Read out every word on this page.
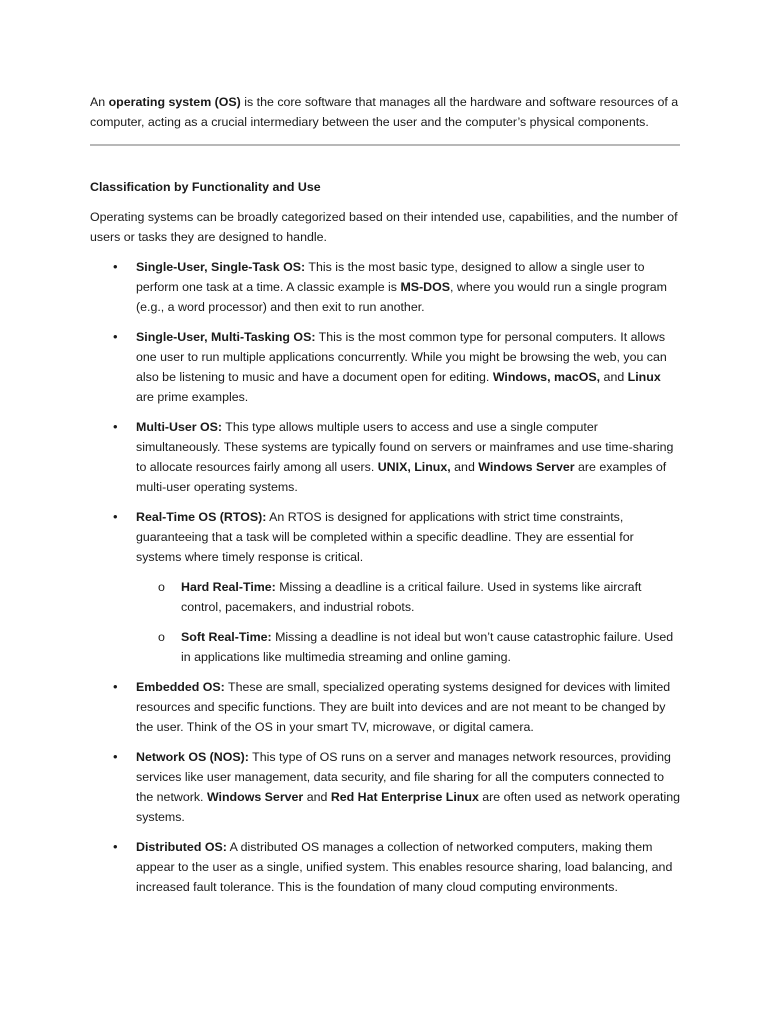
An operating system (OS) is the core software that manages all the hardware and software resources of a computer, acting as a crucial intermediary between the user and the computer’s physical components.

Classification by Functionality and Use

Operating systems can be broadly categorized based on their intended use, capabilities, and the number of users or tasks they are designed to handle.

• Single-User, Single-Task OS: This is the most basic type, designed to allow a single user to perform one task at a time. A classic example is MS-DOS, where you would run a single program (e.g., a word processor) and then exit to run another.

• Single-User, Multi-Tasking OS: This is the most common type for personal computers. It allows one user to run multiple applications concurrently. While you might be browsing the web, you can also be listening to music and have a document open for editing. Windows, macOS, and Linux are prime examples.

• Multi-User OS: This type allows multiple users to access and use a single computer simultaneously. These systems are typically found on servers or mainframes and use time-sharing to allocate resources fairly among all users. UNIX, Linux, and Windows Server are examples of multi-user operating systems.

• Real-Time OS (RTOS): An RTOS is designed for applications with strict time constraints, guaranteeing that a task will be completed within a specific deadline. They are essential for systems where timely response is critical.

o Hard Real-Time: Missing a deadline is a critical failure. Used in systems like aircraft control, pacemakers, and industrial robots.

o Soft Real-Time: Missing a deadline is not ideal but won’t cause catastrophic failure. Used in applications like multimedia streaming and online gaming.

• Embedded OS: These are small, specialized operating systems designed for devices with limited resources and specific functions. They are built into devices and are not meant to be changed by the user. Think of the OS in your smart TV, microwave, or digital camera.

• Network OS (NOS): This type of OS runs on a server and manages network resources, providing services like user management, data security, and file sharing for all the computers connected to the network. Windows Server and Red Hat Enterprise Linux are often used as network operating systems.

• Distributed OS: A distributed OS manages a collection of networked computers, making them appear to the user as a single, unified system. This enables resource sharing, load balancing, and increased fault tolerance. This is the foundation of many cloud computing environments.
